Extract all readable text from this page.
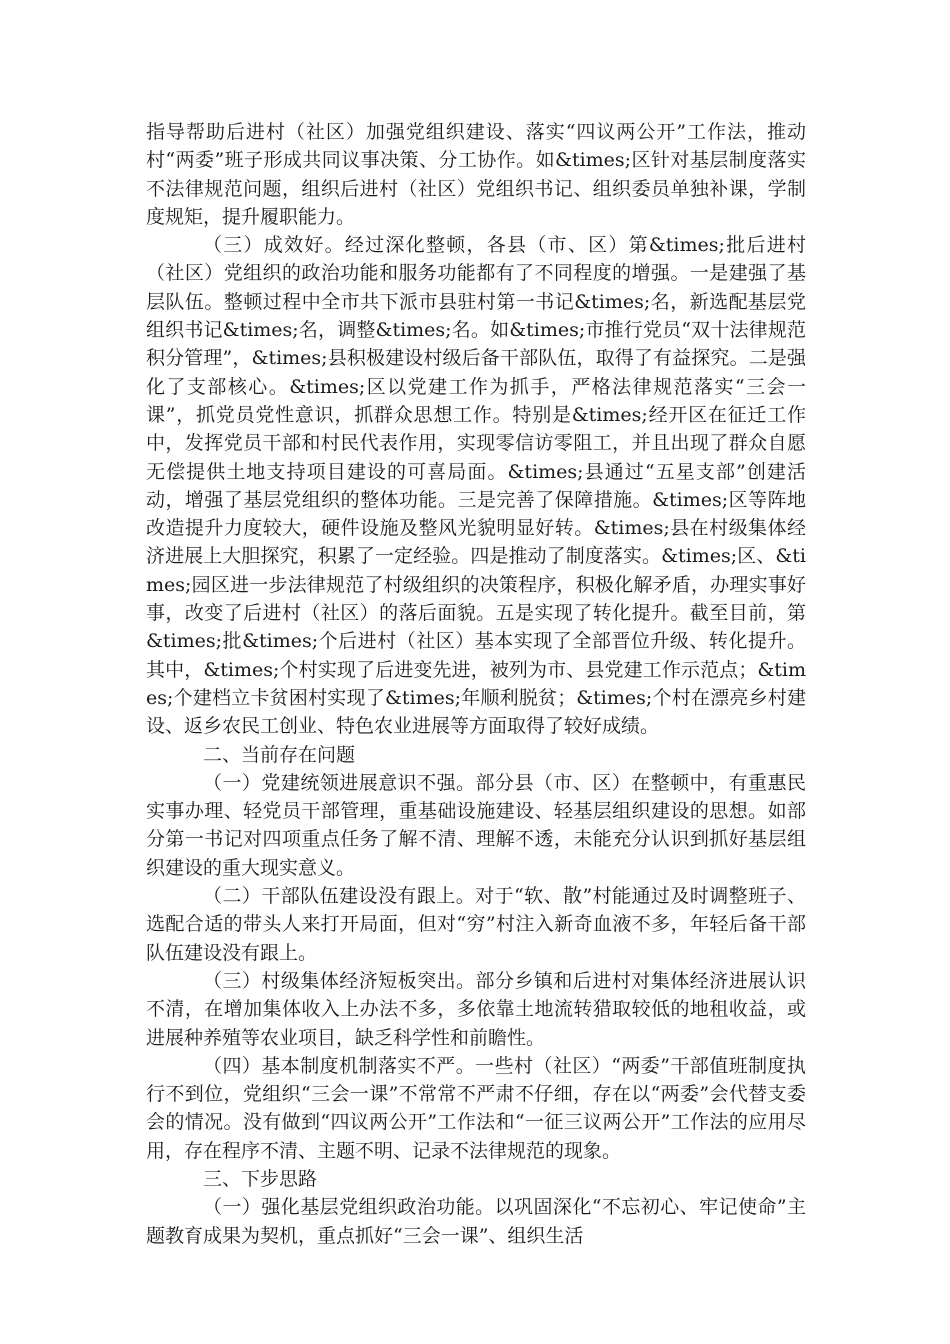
指导帮助后进村（社区）加强党组织建设、落实“四议两公开”工作法，推动村“两委”班子形成共同议事决策、分工协作。如&times;区针对基层制度落实不法律规范问题，组织后进村（社区）党组织书记、组织委员单独补课，学制度规矩，提升履职能力。

（三）成效好。经过深化整顿，各县（市、区）第&times;批后进村（社区）党组织的政治功能和服务功能都有了不同程度的增强。一是建强了基层队伍。整顿过程中全市共下派市县驻村第一书记&times;名，新选配基层党组织书记&times;名，调整&times;名。如&times;市推行党员“双十法律规范积分管理”，&times;县积极建设村级后备干部队伍，取得了有益探究。二是强化了支部核心。&times;区以党建工作为抓手，严格法律规范落实“三会一课”，抓党员党性意识，抓群众思想工作。特别是&times;经开区在征迁工作中，发挥党员干部和村民代表作用，实现零信访零阻工，并且出现了群众自愿无偿提供土地支持项目建设的可喜局面。&times;县通过“五星支部”创建活动，增强了基层党组织的整体功能。三是完善了保障措施。&times;区等阵地改造提升力度较大，硬件设施及整风光貌明显好转。&times;县在村级集体经济进展上大胆探究，积累了一定经验。四是推动了制度落实。&times;区、&times;园区进一步法律规范了村级组织的决策程序，积极化解矛盾，办理实事好事，改变了后进村（社区）的落后面貌。五是实现了转化提升。截至目前，第&times;批&times;个后进村（社区）基本实现了全部晋位升级、转化提升。其中，&times;个村实现了后进变先进，被列为市、县党建工作示范点；&times;个建档立卡贫困村实现了&times;年顺利脱贫；&times;个村在漂亮乡村建设、返乡农民工创业、特色农业进展等方面取得了较好成绩。

二、当前存在问题

（一）党建统领进展意识不强。部分县（市、区）在整顿中，有重惠民实事办理、轻党员干部管理，重基础设施建设、轻基层组织建设的思想。如部分第一书记对四项重点任务了解不清、理解不透，未能充分认识到抓好基层组织建设的重大现实意义。

（二）干部队伍建设没有跟上。对于“软、散”村能通过及时调整班子、选配合适的带头人来打开局面，但对“穷”村注入新奇血液不多，年轻后备干部队伍建设没有跟上。

（三）村级集体经济短板突出。部分乡镇和后进村对集体经济进展认识不清，在增加集体收入上办法不多，多依靠土地流转猎取较低的地租收益，或进展种养殖等农业项目，缺乏科学性和前瞻性。

（四）基本制度机制落实不严。一些村（社区）“两委”干部值班制度执行不到位，党组织“三会一课”不常常不严肃不仔细，存在以“两委”会代替支委会的情况。没有做到“四议两公开”工作法和“一征三议两公开”工作法的应用尽用，存在程序不清、主题不明、记录不法律规范的现象。

三、下步思路

（一）强化基层党组织政治功能。以巩固深化“不忘初心、牢记使命”主题教育成果为契机，重点抓好“三会一课”、组织生活
